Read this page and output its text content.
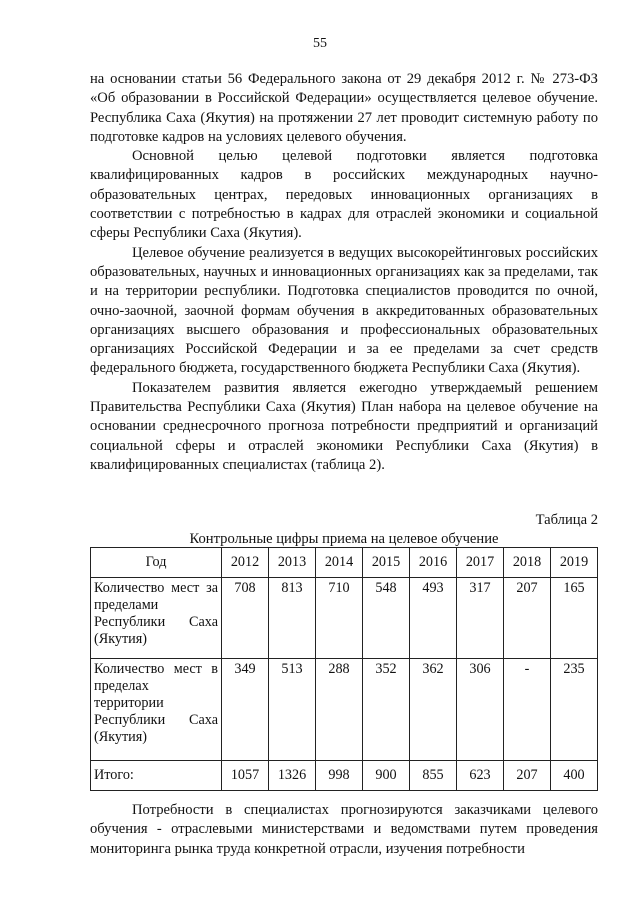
55

на основании статьи 56 Федерального закона от 29 декабря 2012 г. № 273-ФЗ «Об образовании в Российской Федерации» осуществляется целевое обучение. Республика Саха (Якутия) на протяжении 27 лет проводит системную работу по подготовке кадров на условиях целевого обучения.

Основной целью целевой подготовки является подготовка квалифицированных кадров в российских международных научно-образовательных центрах, передовых инновационных организациях в соответствии с потребностью в кадрах для отраслей экономики и социальной сферы Республики Саха (Якутия).

Целевое обучение реализуется в ведущих высокорейтинговых российских образовательных, научных и инновационных организациях как за пределами, так и на территории республики. Подготовка специалистов проводится по очной, очно-заочной, заочной формам обучения в аккредитованных образовательных организациях высшего образования и профессиональных образовательных организациях Российской Федерации и за ее пределами за счет средств федерального бюджета, государственного бюджета Республики Саха (Якутия).

Показателем развития является ежегодно утверждаемый решением Правительства Республики Саха (Якутия) План набора на целевое обучение на основании среднесрочного прогноза потребности предприятий и организаций социальной сферы и отраслей экономики Республики Саха (Якутия) в квалифицированных специалистах (таблица 2).

Таблица 2
Контрольные цифры приема на целевое обучение
Год	2012	2013	2014	2015	2016	2017	2018	2019
Количество мест за пределами Республики Саха (Якутия)	708	813	710	548	493	317	207	165
Количество мест в пределах территории Республики Саха (Якутия)	349	513	288	352	362	306	-	235
Итого:	1057	1326	998	900	855	623	207	400

Потребности в специалистах прогнозируются заказчиками целевого обучения - отраслевыми министерствами и ведомствами путем проведения мониторинга рынка труда конкретной отрасли, изучения потребности
